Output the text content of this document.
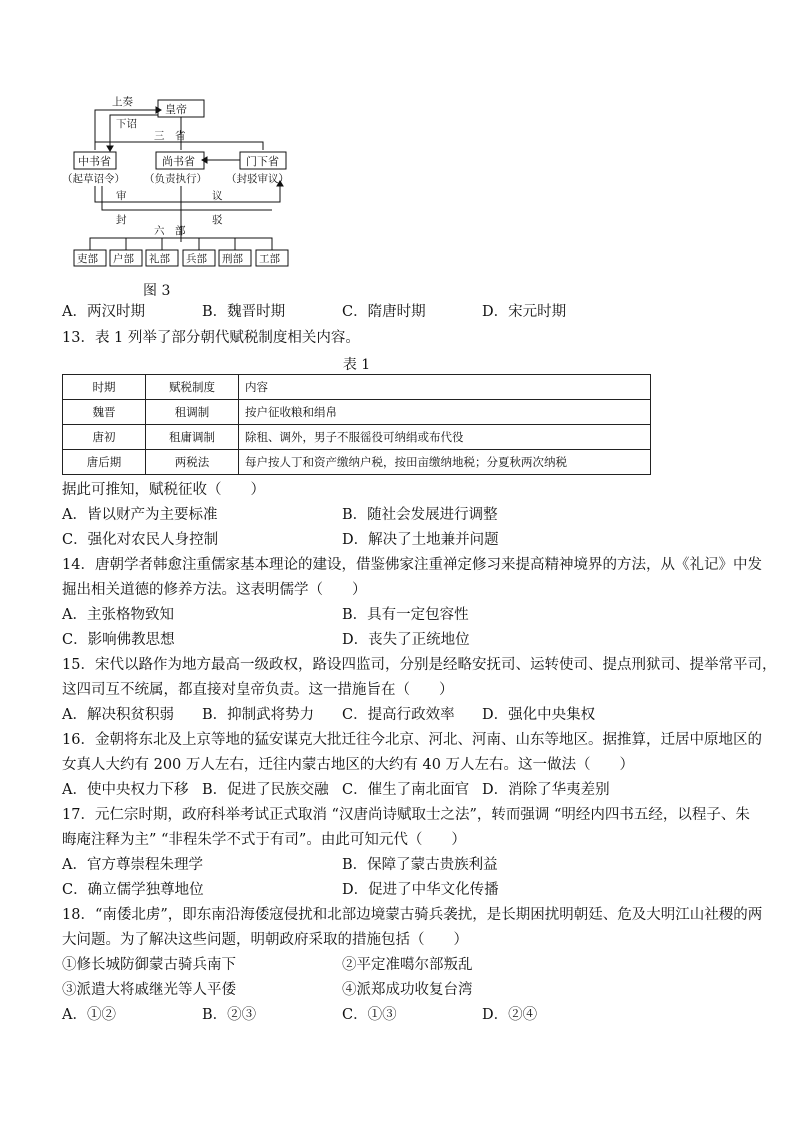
上奏
皇帝
下诏
三　省
中书省	尚书省	门下省
（起草诏令） （负责执行） （封驳审议）
审	议
封	驳
六　部
吏部 户部 礼部 兵部 刑部 工部
图 3
A．两汉时期	B．魏晋时期	C．隋唐时期	D．宋元时期
13．表 1 列举了部分朝代赋税制度相关内容。
表 1
时期	赋税制度	内容
魏晋	租调制	按户征收粮和绢帛
唐初	租庸调制	除租、调外，男子不服徭役可纳绢或布代役
唐后期	两税法	每户按人丁和资产缴纳户税，按田亩缴纳地税；分夏秋两次纳税
据此可推知，赋税征收（　　）
A．皆以财产为主要标准	B．随社会发展进行调整
C．强化对农民人身控制	D．解决了土地兼并问题
14．唐朝学者韩愈注重儒家基本理论的建设，借鉴佛家注重禅定修习来提高精神境界的方法，从《礼记》中发
掘出相关道德的修养方法。这表明儒学（　　）
A．主张格物致知	B．具有一定包容性
C．影响佛教思想	D．丧失了正统地位
15．宋代以路作为地方最高一级政权，路设四监司，分别是经略安抚司、运转使司、提点刑狱司、提举常平司，
这四司互不统属，都直接对皇帝负责。这一措施旨在（　　）
A．解决积贫积弱 B．抑制武将势力 C．提高行政效率 D．强化中央集权
16．金朝将东北及上京等地的猛安谋克大批迁往今北京、河北、河南、山东等地区。据推算，迁居中原地区的
女真人大约有 200 万人左右，迁往内蒙古地区的大约有 40 万人左右。这一做法（　　）
A．使中央权力下移 B．促进了民族交融 C．催生了南北面官 D．消除了华夷差别
17．元仁宗时期，政府科举考试正式取消 “汉唐尚诗赋取士之法”，转而强调 “明经内四书五经，以程子、朱
晦庵注释为主” “非程朱学不式于有司”。由此可知元代（　　）
A．官方尊崇程朱理学	B．保障了蒙古贵族利益
C．确立儒学独尊地位	D．促进了中华文化传播
18．“南倭北虏”，即东南沿海倭寇侵扰和北部边境蒙古骑兵袭扰，是长期困扰明朝廷、危及大明江山社稷的两
大问题。为了解决这些问题，明朝政府采取的措施包括（　　）
①修长城防御蒙古骑兵南下	②平定准噶尔部叛乱
③派遣大将戚继光等人平倭	④派郑成功收复台湾
A．①②	B．②③	C．①③	D．②④
